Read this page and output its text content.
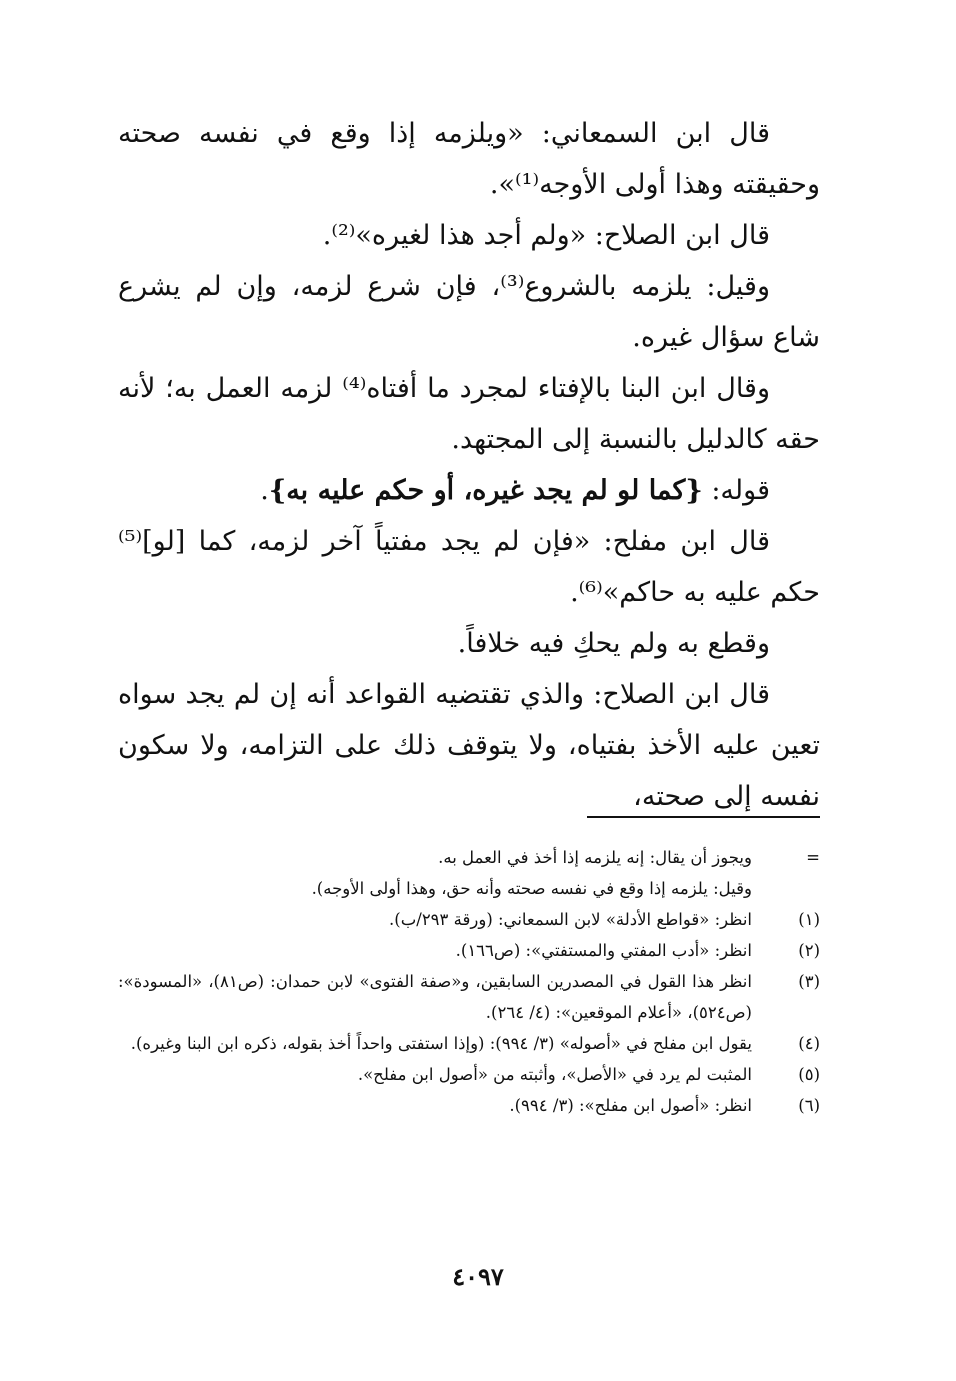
قال ابن السمعاني: «ويلزمه إذا وقع في نفسه صحته وحقيقته وهذا أولى الأوجه⁽¹⁾».

قال ابن الصلاح: «ولم أجد هذا لغيره»⁽²⁾.

وقيل: يلزمه بالشروع⁽³⁾، فإن شرع لزمه، وإن لم يشرع شاع سؤال غيره.

وقال ابن البنا بالإفتاء لمجرد ما أفتاه⁽⁴⁾ لزمه العمل به؛ لأنه حقه كالدليل بالنسبة إلى المجتهد.

قوله: {كما لو لم يجد غيره، أو حكم عليه به}.

قال ابن مفلح: «فإن لم يجد مفتياً آخر لزمه، كما [لو]⁽⁵⁾ حكم عليه به حاكم»⁽⁶⁾.

وقطع به ولم يحكِ فيه خلافاً.

قال ابن الصلاح: والذي تقتضيه القواعد أنه إن لم يجد سواه تعين عليه الأخذ بفتياه، ولا يتوقف ذلك على التزامه، ولا سكون نفسه إلى صحته،

=
ويجوز أن يقال: إنه يلزمه إذا أخذ في العمل به.
وقيل: يلزمه إذا وقع في نفسه صحته وأنه حق، وهذا أولى الأوجه).
(١)
انظر: «قواطع الأدلة» لابن السمعاني: (ورقة ٢٩٣/ب).
(٢)
انظر: «أدب المفتي والمستفتي»: (ص١٦٦).
(٣)
انظر هذا القول في المصدرين السابقين، و«صفة الفتوى» لابن حمدان: (ص٨١)، «المسودة»: (ص٥٢٤)، «أعلام الموقعين»: (٤/ ٢٦٤).
(٤)
يقول ابن مفلح في «أصوله» (٣/ ٩٩٤): (وإذا استفتى واحداً أخذ بقوله، ذكره ابن البنا وغيره).
(٥)
المثبت لم يرد في «الأصل»، وأثبته من «أصول ابن مفلح».
(٦)
انظر: «أصول ابن مفلح»: (٣/ ٩٩٤).
٤٠٩٧
